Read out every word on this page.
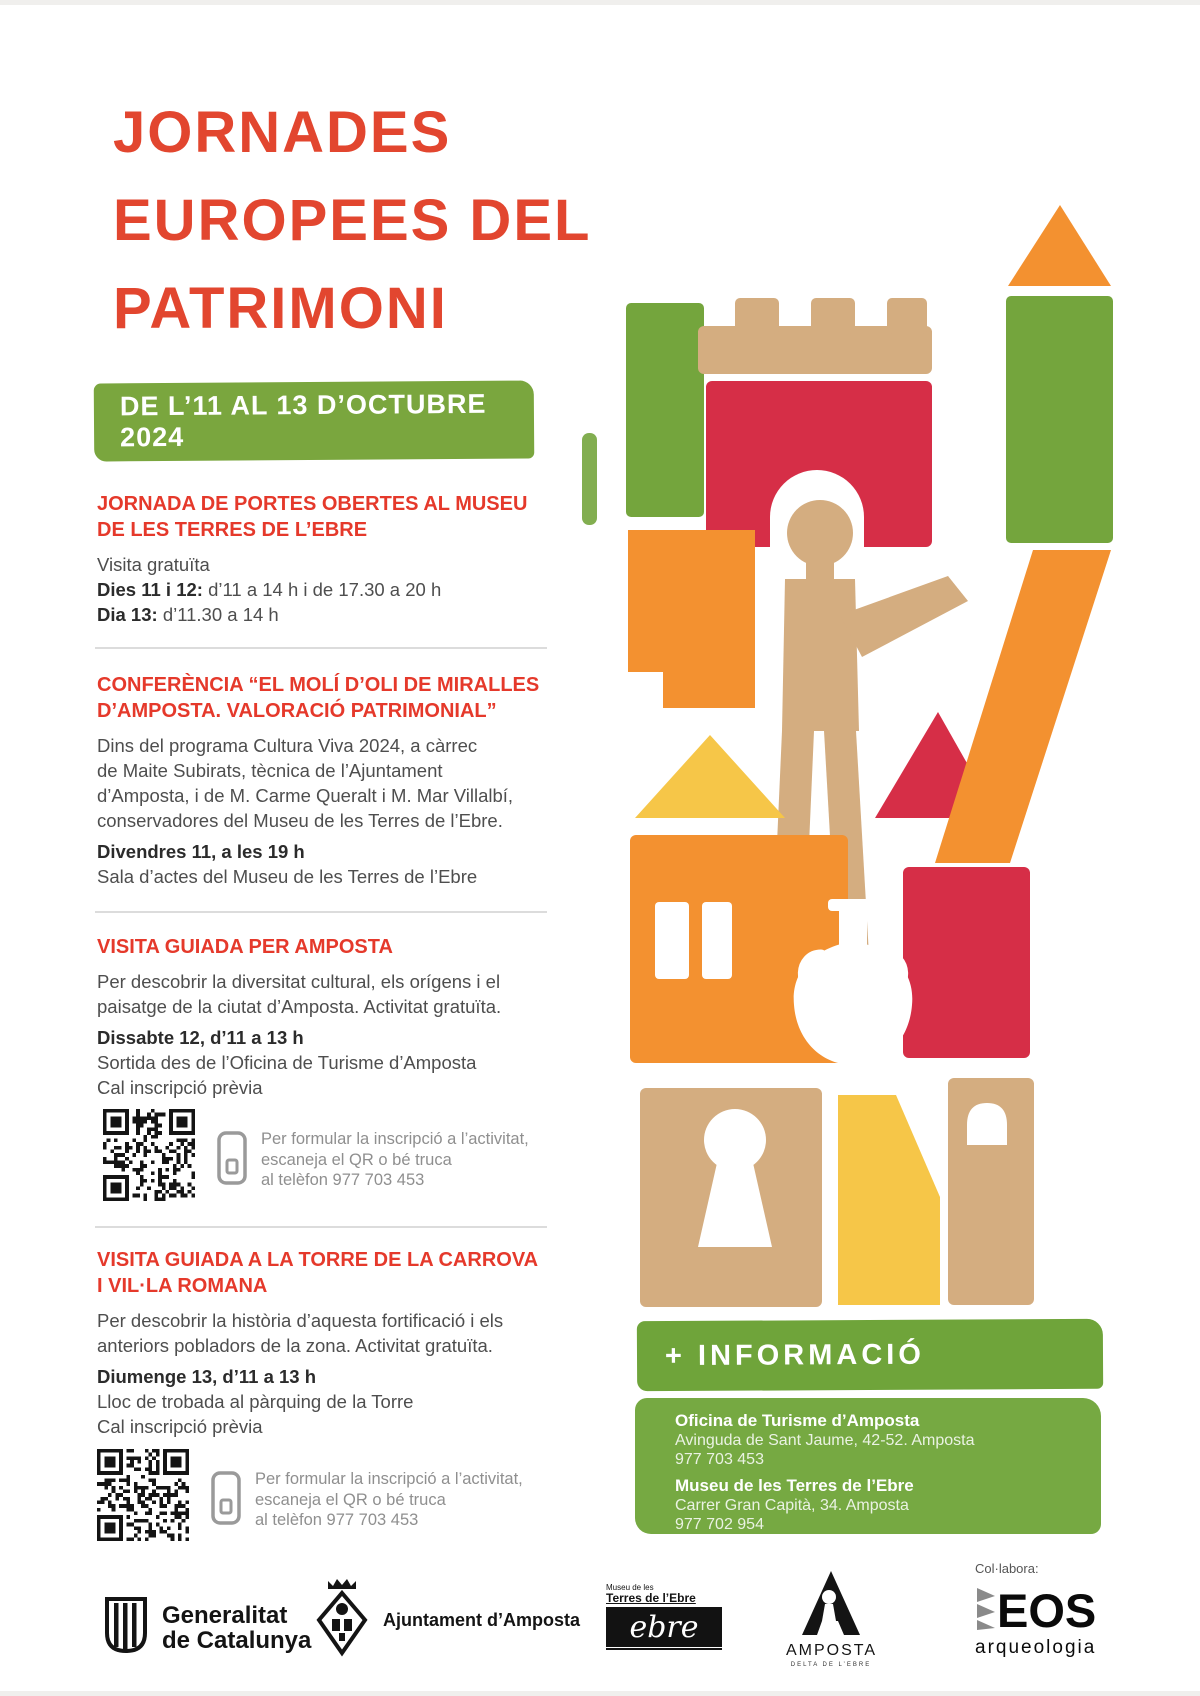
JORNADES
EUROPEES DEL
PATRIMONI
DE L’11 AL 13 D’OCTUBRE 2024
JORNADA DE PORTES OBERTES AL MUSEU
DE LES TERRES DE L’EBRE
Visita gratuïta
Dies 11 i 12: d’11 a 14 h i de 17.30 a 20 h
Dia 13: d’11.30 a 14 h
CONFERÈNCIA “EL MOLÍ D’OLI DE MIRALLES
D’AMPOSTA. VALORACIÓ PATRIMONIAL”
Dins del programa Cultura Viva 2024, a càrrec
de Maite Subirats, tècnica de l’Ajuntament
d’Amposta, i de M. Carme Queralt i M. Mar Villalbí,
conservadores del Museu de les Terres de l’Ebre.
Divendres 11, a les 19 h
Sala d’actes del Museu de les Terres de l’Ebre
VISITA GUIADA PER AMPOSTA
Per descobrir la diversitat cultural, els orígens i el
paisatge de la ciutat d’Amposta. Activitat gratuïta.
Dissabte 12, d’11 a 13 h
Sortida des de l’Oficina de Turisme d’Amposta
Cal inscripció prèvia
Per formular la inscripció a l’activitat,
escaneja el QR o bé truca
al telèfon 977 703 453
VISITA GUIADA A LA TORRE DE LA CARROVA
I VIL·LA ROMANA
Per descobrir la història d’aquesta fortificació i els
anteriors pobladors de la zona. Activitat gratuïta.
Diumenge 13, d’11 a 13 h
Lloc de trobada al pàrquing de la Torre
Cal inscripció prèvia
Per formular la inscripció a l’activitat,
escaneja el QR o bé truca
al telèfon 977 703 453
+ INFORMACIÓ
Oficina de Turisme d’Amposta
Avinguda de Sant Jaume, 42-52. Amposta
977 703 453
Museu de les Terres de l’Ebre
Carrer Gran Capità, 34. Amposta
977 702 954
Generalitat
de Catalunya
Ajuntament d’Amposta
Museu de les
Terres de l’Ebre
ebre
AMPOSTA
DELTA DE L’EBRE
Col·labora:
EOS
arqueologia
